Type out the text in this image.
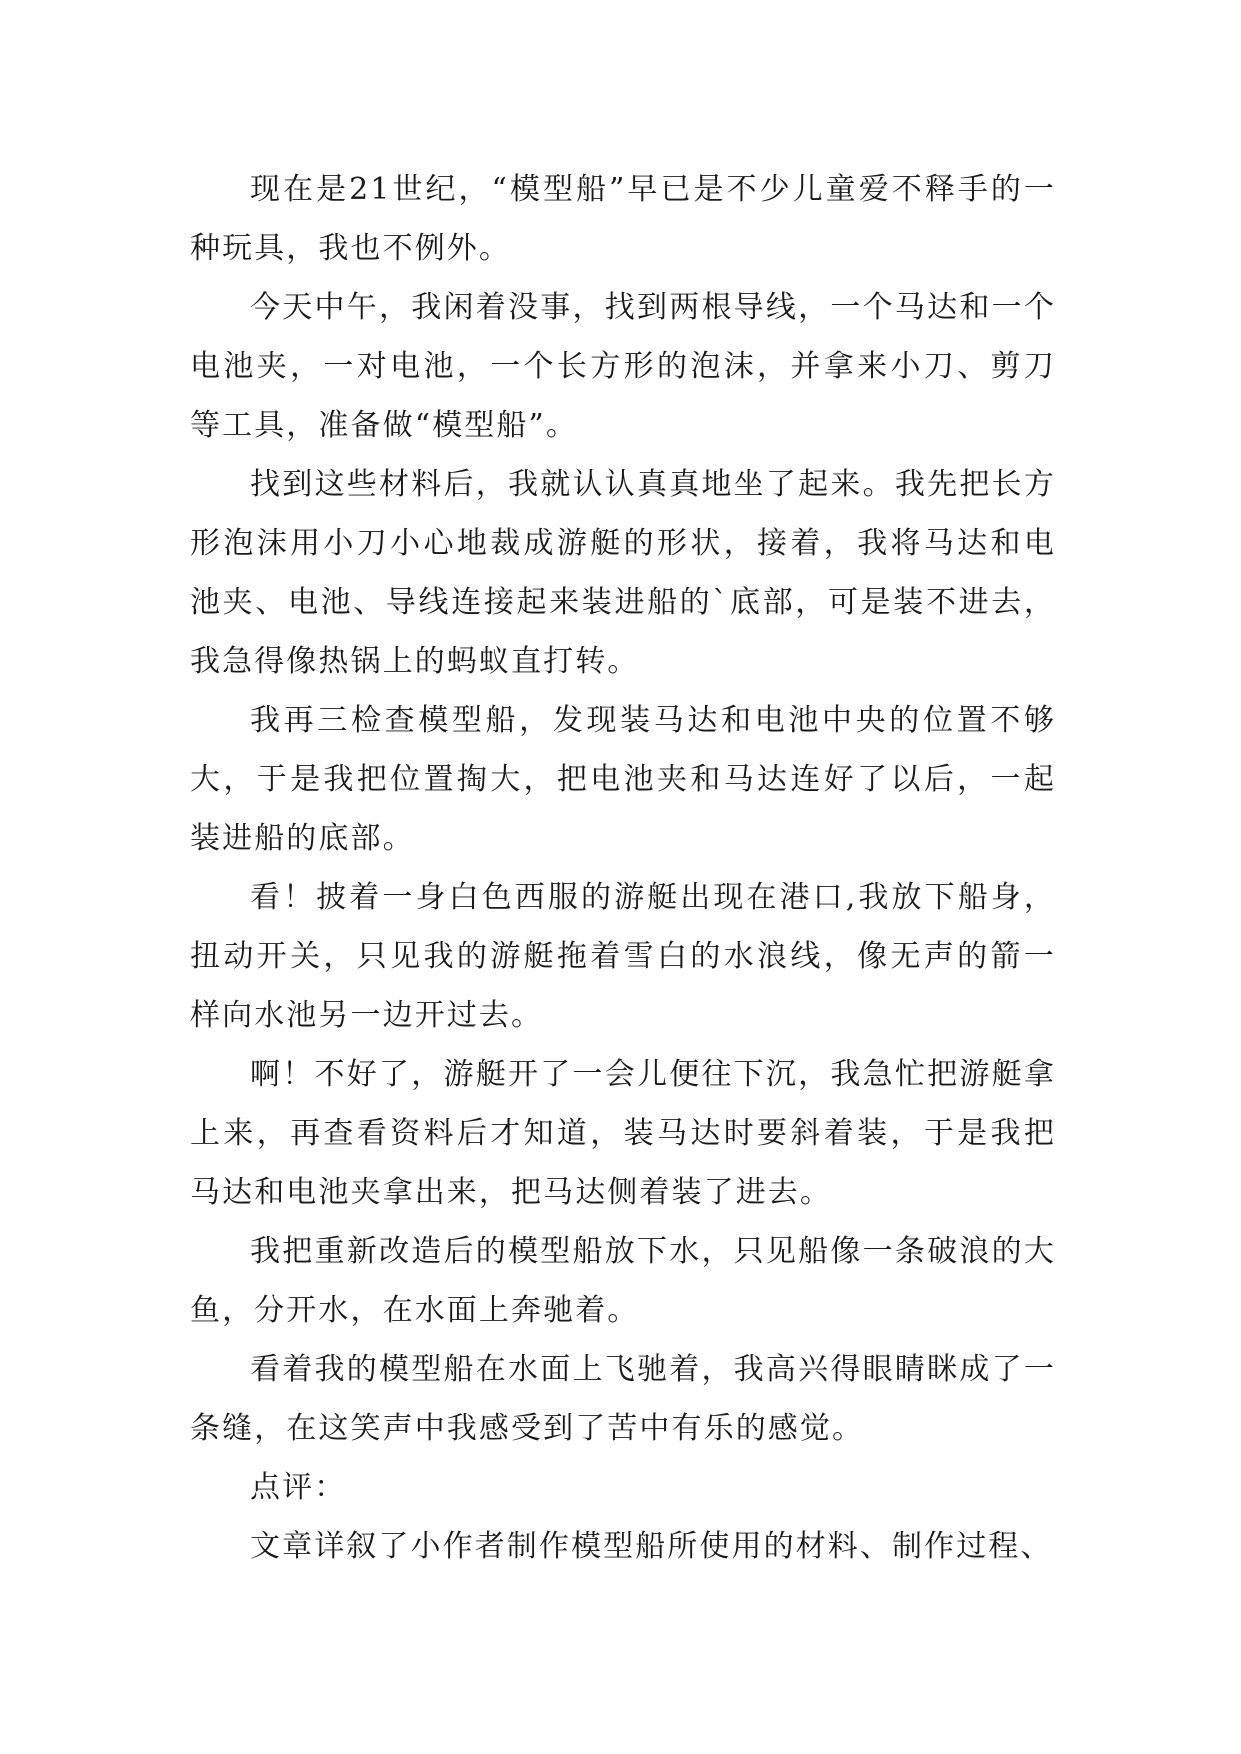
现在是21世纪，“模型船”早已是不少儿童爱不释手的一种玩具，我也不例外。

今天中午，我闲着没事，找到两根导线，一个马达和一个电池夹，一对电池，一个长方形的泡沫，并拿来小刀、剪刀等工具，准备做“模型船”。

找到这些材料后，我就认认真真地坐了起来。我先把长方形泡沫用小刀小心地裁成游艇的形状，接着，我将马达和电池夹、电池、导线连接起来装进船的`底部，可是装不进去，我急得像热锅上的蚂蚁直打转。

我再三检查模型船，发现装马达和电池中央的位置不够大，于是我把位置掏大，把电池夹和马达连好了以后，一起装进船的底部。

看！披着一身白色西服的游艇出现在港口,我放下船身，扭动开关，只见我的游艇拖着雪白的水浪线，像无声的箭一样向水池另一边开过去。

啊！不好了，游艇开了一会儿便往下沉，我急忙把游艇拿上来，再查看资料后才知道，装马达时要斜着装，于是我把马达和电池夹拿出来，把马达侧着装了进去。

我把重新改造后的模型船放下水，只见船像一条破浪的大鱼，分开水，在水面上奔驰着。

看着我的模型船在水面上飞驰着，我高兴得眼睛眯成了一条缝，在这笑声中我感受到了苦中有乐的感觉。

点评：

文章详叙了小作者制作模型船所使用的材料、制作过程、
